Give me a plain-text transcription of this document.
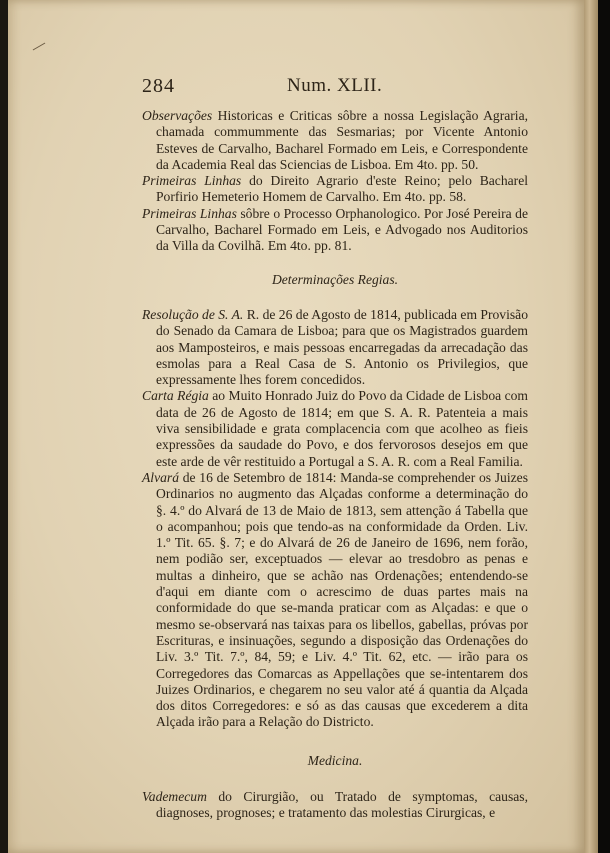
284	Num. XLII.

Observações Historicas e Criticas sôbre a nossa Legislação Agraria, chamada commummente das Sesmarias; por Vicente Antonio Esteves de Carvalho, Bacharel Formado em Leis, e Correspondente da Academia Real das Sciencias de Lisboa. Em 4to. pp. 50.

Primeiras Linhas do Direito Agrario d'este Reino; pelo Bacharel Porfirio Hemeterio Homem de Carvalho. Em 4to. pp. 58.

Primeiras Linhas sôbre o Processo Orphanologico. Por José Pereira de Carvalho, Bacharel Formado em Leis, e Advogado nos Auditorios da Villa da Covilhã. Em 4to. pp. 81.

Determinações Regias.

Resolução de S. A. R. de 26 de Agosto de 1814, publicada em Provisão do Senado da Camara de Lisboa; para que os Magistrados guardem aos Mamposteiros, e mais pessoas encarregadas da arrecadação das esmolas para a Real Casa de S. Antonio os Privilegios, que expressamente lhes forem concedidos.

Carta Régia ao Muito Honrado Juiz do Povo da Cidade de Lisboa com data de 26 de Agosto de 1814; em que S. A. R. Patenteia a mais viva sensibilidade e grata complacencia com que acolheo as fieis expressões da saudade do Povo, e dos fervorosos desejos em que este arde de vêr restituido a Portugal a S. A. R. com a Real Familia.

Alvará de 16 de Setembro de 1814: Manda-se comprehender os Juizes Ordinarios no augmento das Alçadas conforme a determinação do §. 4.º do Alvará de 13 de Maio de 1813, sem attenção á Tabella que o acompanhou; pois que tendo-as na conformidade da Orden. Liv. 1.º Tit. 65. §. 7; e do Alvará de 26 de Janeiro de 1696, nem forão, nem podião ser, exceptuados — elevar ao tresdobro as penas e multas a dinheiro, que se achão nas Ordenações; entendendo-se d'aqui em diante com o acrescimo de duas partes mais na conformidade do que se-manda praticar com as Alçadas: e que o mesmo se-observará nas taixas para os libellos, gabellas, próvas por Escrituras, e insinuações, segundo a disposição das Ordenações do Liv. 3.º Tit. 7.º, 84, 59; e Liv. 4.º Tit. 62, etc. — irão para os Corregedores das Comarcas as Appellações que se-intentarem dos Juizes Ordinarios, e chegarem no seu valor até á quantia da Alçada dos ditos Corregedores: e só as das causas que excederem a dita Alçada irão para a Relação do Districto.

Medicina.

Vademecum do Cirurgião, ou Tratado de symptomas, causas, diagnoses, prognoses; e tratamento das molestias Cirurgicas, e
